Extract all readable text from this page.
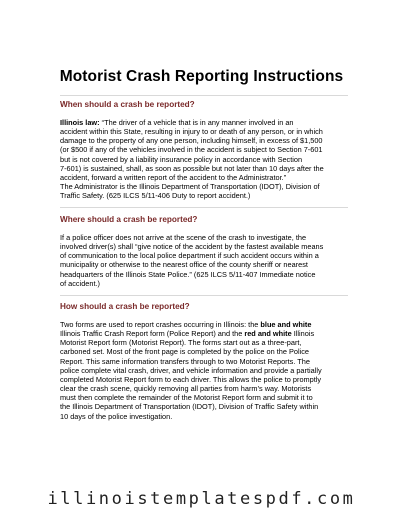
Motorist Crash Reporting Instructions
When should a crash be reported?
Illinois law: “The driver of a vehicle that is in any manner involved in an
accident within this State, resulting in injury to or death of any person, or in which
damage to the property of any one person, including himself, in excess of $1,500
(or $500 if any of the vehicles involved in the accident is subject to Section 7-601
but is not covered by a liability insurance policy in accordance with Section
7-601) is sustained, shall, as soon as possible but not later than 10 days after the
accident, forward a written report of the accident to the Administrator.”
The Administrator is the Illinois Department of Transportation (IDOT), Division of
Traffic Safety. (625 ILCS 5/11-406 Duty to report accident.)
Where should a crash be reported?
If a police officer does not arrive at the scene of the crash to investigate, the
involved driver(s) shall “give notice of the accident by the fastest available means
of communication to the local police department if such accident occurs within a
municipality or otherwise to the nearest office of the county sheriff or nearest
headquarters of the Illinois State Police.” (625 ILCS 5/11-407 Immediate notice
of accident.)
How should a crash be reported?
Two forms are used to report crashes occurring in Illinois: the blue and white
Illinois Traffic Crash Report form (Police Report) and the red and white Illinois
Motorist Report form (Motorist Report). The forms start out as a three-part,
carboned set. Most of the front page is completed by the police on the Police
Report. This same information transfers through to two Motorist Reports. The
police complete vital crash, driver, and vehicle information and provide a partially
completed Motorist Report form to each driver. This allows the police to promptly
clear the crash scene, quickly removing all parties from harm’s way. Motorists
must then complete the remainder of the Motorist Report form and submit it to
the Illinois Department of Transportation (IDOT), Division of Traffic Safety within
10 days of the police investigation.
illinoistemplatespdf.com
